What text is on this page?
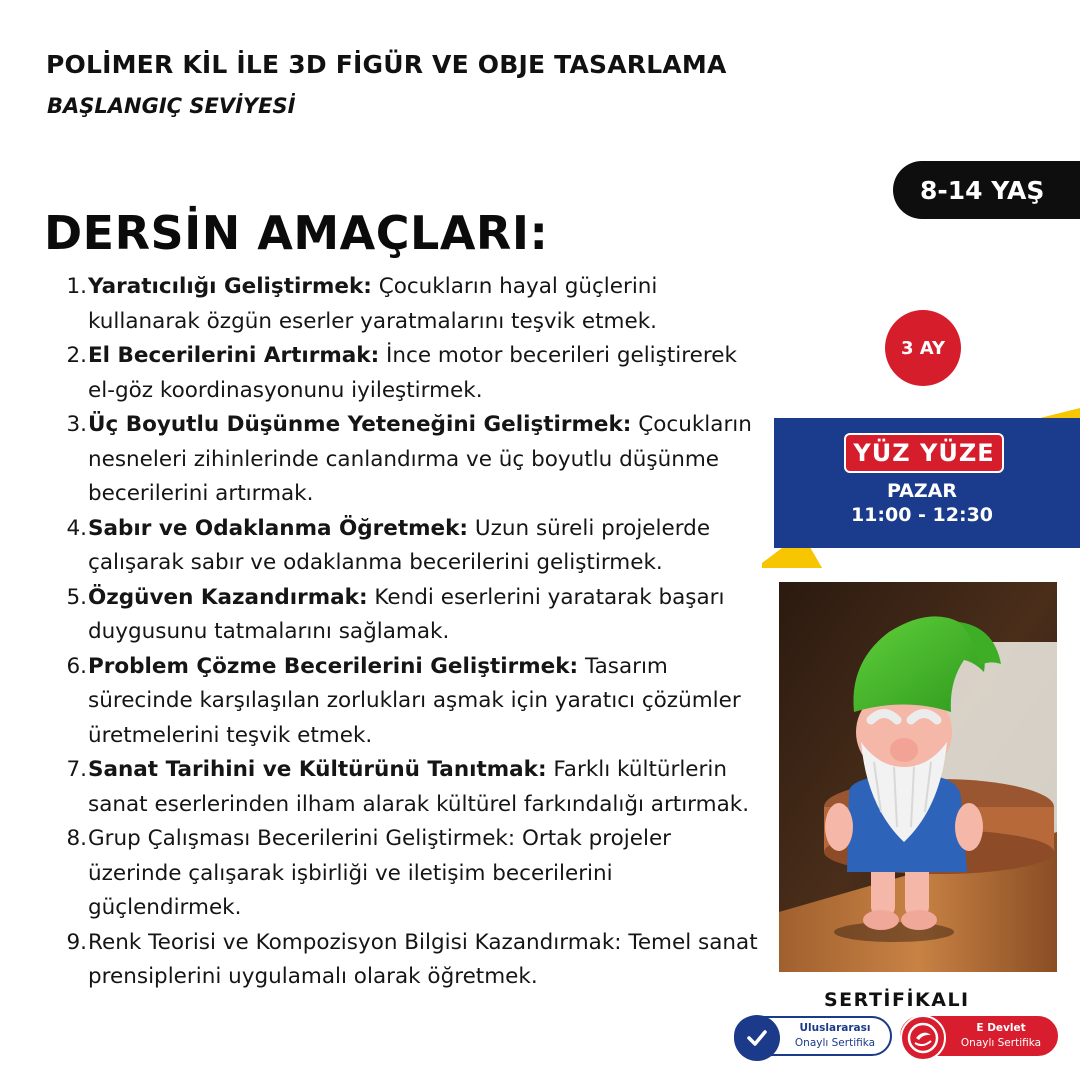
POLİMER KİL İLE 3D FİGÜR VE OBJE TASARLAMA
BAŞLANGIÇ SEVİYESİ
8-14 YAŞ
DERSİN AMAÇLARI:
1. Yaratıcılığı Geliştirmek: Çocukların hayal güçlerini kullanarak özgün eserler yaratmalarını teşvik etmek.
2. El Becerilerini Artırmak: İnce motor becerileri geliştirerek el-göz koordinasyonunu iyileştirmek.
3. Üç Boyutlu Düşünme Yeteneğini Geliştirmek: Çocukların nesneleri zihinlerinde canlandırma ve üç boyutlu düşünme becerilerini artırmak.
4. Sabır ve Odaklanma Öğretmek: Uzun süreli projelerde çalışarak sabır ve odaklanma becerilerini geliştirmek.
5. Özgüven Kazandırmak: Kendi eserlerini yaratarak başarı duygusunu tatmalarını sağlamak.
6. Problem Çözme Becerilerini Geliştirmek: Tasarım sürecinde karşılaşılan zorlukları aşmak için yaratıcı çözümler üretmelerini teşvik etmek.
7. Sanat Tarihini ve Kültürünü Tanıtmak: Farklı kültürlerin sanat eserlerinden ilham alarak kültürel farkındalığı artırmak.
8. Grup Çalışması Becerilerini Geliştirmek: Ortak projeler üzerinde çalışarak işbirliği ve iletişim becerilerini güçlendirmek.
9. Renk Teorisi ve Kompozisyon Bilgisi Kazandırmak: Temel sanat prensiplerini uygulamalı olarak öğretmek.
3 AY
YÜZ YÜZE
PAZAR
11:00 - 12:30
SERTİFİKALI
Uluslararası
Onaylı Sertifika
E Devlet
Onaylı Sertifika
